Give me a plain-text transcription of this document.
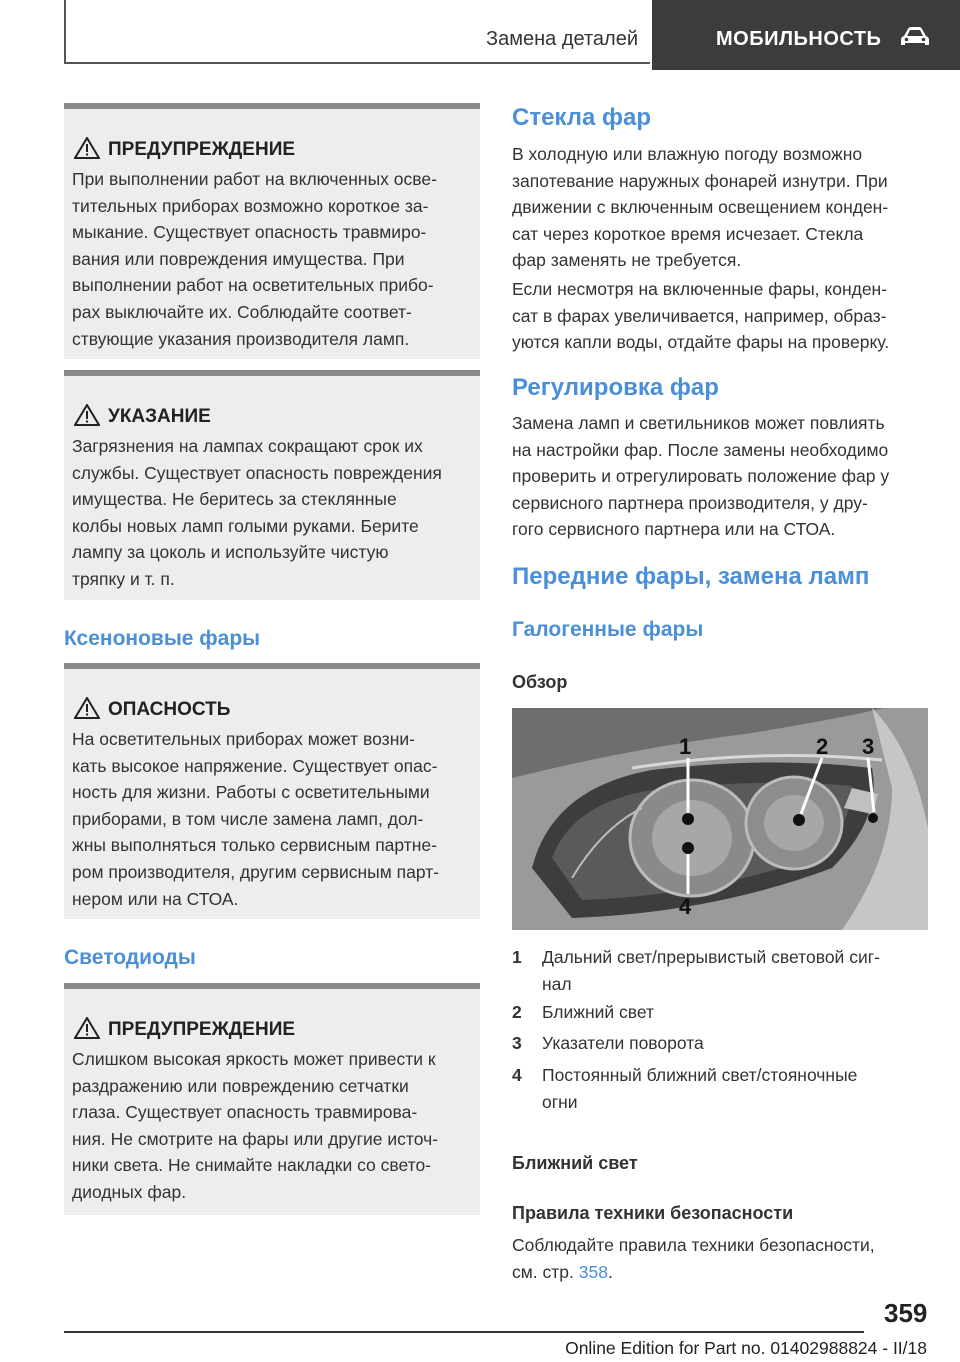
Замена деталей	МОБИЛЬНОСТЬ
ПРЕДУПРЕЖДЕНИЕ

При выполнении работ на включенных осве-

тительных приборах возможно короткое за-

мыкание. Существует опасность травмиро-

вания или повреждения имущества. При

выполнении работ на осветительных прибо-

рах выключайте их. Соблюдайте соответ-

ствующие указания производителя ламп.

УКАЗАНИЕ

Загрязнения на лампах сокращают срок их

службы. Существует опасность повреждения

имущества. Не беритесь за стеклянные

колбы новых ламп голыми руками. Берите

лампу за цоколь и используйте чистую

тряпку и т. п.

Ксеноновые фары
ОПАСНОСТЬ

На осветительных приборах может возни-

кать высокое напряжение. Существует опас-

ность для жизни. Работы с осветительными

приборами, в том числе замена ламп, дол-

жны выполняться только сервисным партне-

ром производителя, другим сервисным парт-

нером или на СТОА.

Светодиоды
ПРЕДУПРЕЖДЕНИЕ

Слишком высокая яркость может привести к

раздражению или повреждению сетчатки

глаза. Существует опасность травмирова-

ния. Не смотрите на фары или другие источ-

ники света. Не снимайте накладки со свето-

диодных фар.

Стекла фар
В холодную или влажную погоду возможно
запотевание наружных фонарей изнутри. При
движении с включенным освещением конден-
сат через короткое время исчезает. Стекла
фар заменять не требуется.
Если несмотря на включенные фары, конден-
сат в фарах увеличивается, например, образ-
уются капли воды, отдайте фары на проверку.
Регулировка фар
Замена ламп и светильников может повлиять
на настройки фар. После замены необходимо
проверить и отрегулировать положение фар у
сервисного партнера производителя, у дру-
гого сервисного партнера или на СТОА.
Передние фары, замена ламп
Галогенные фары
Обзор
1	2 3
4
1 Дальний свет/прерывистый световой сиг-
нал
2 Ближний свет
3 Указатели поворота
4 Постоянный ближний свет/стояночные
огни
Ближний свет
Правила техники безопасности
Соблюдайте правила техники безопасности,
см. стр. 358.
359
Online Edition for Part no. 01402988824 - II/18
